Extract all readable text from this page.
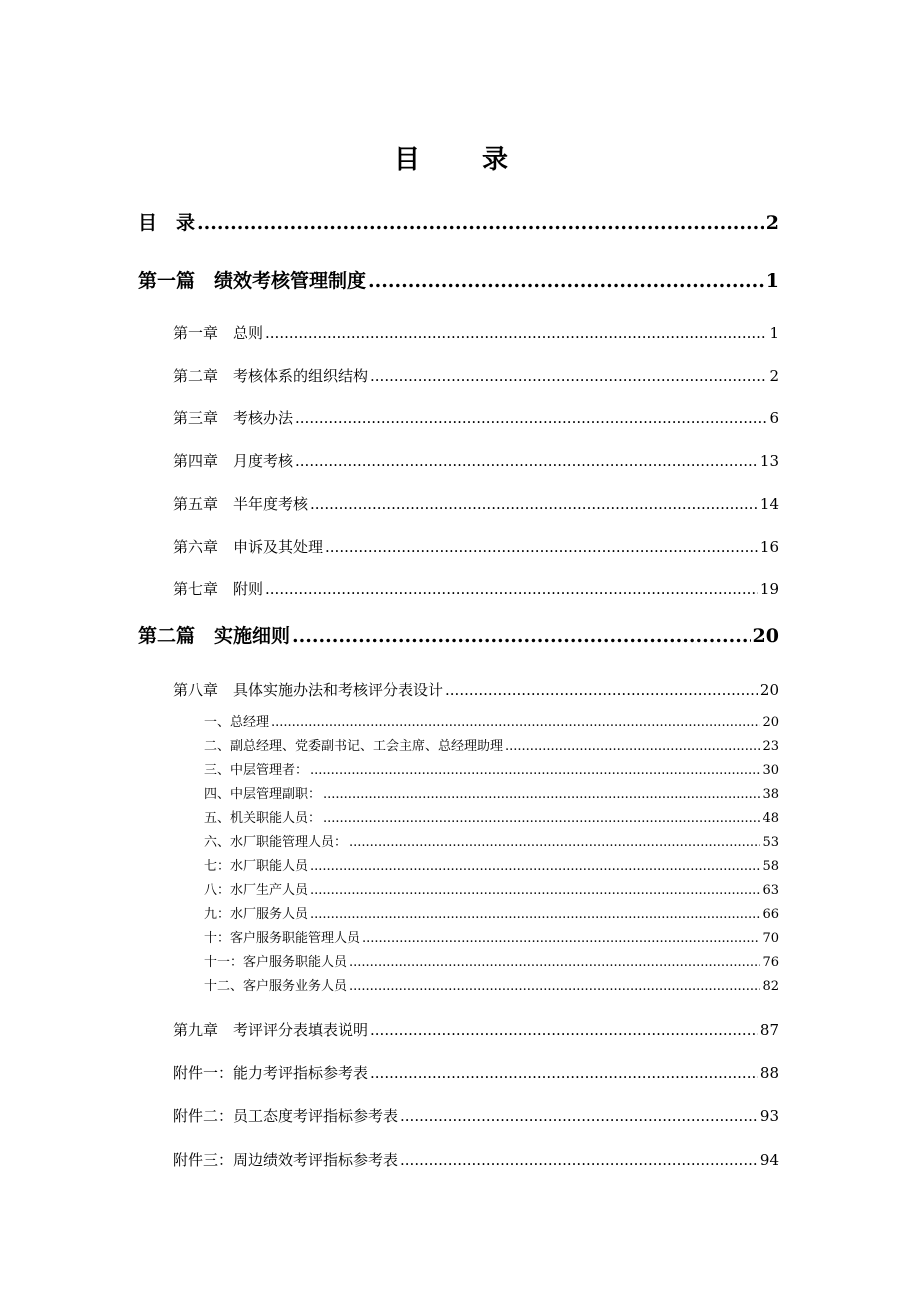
目　录
目　录 .....	2
第一篇　绩效考核管理制度 .....	1
第一章　总则 .....	1
第二章　考核体系的组织结构 .....	2
第三章　考核办法 .....	6
第四章　月度考核 .....	13
第五章　半年度考核 .....	14
第六章　申诉及其处理 .....	16
第七章　附则 .....	19
第二篇　实施细则 .....	20
第八章　具体实施办法和考核评分表设计 .....	20
一、总经理 .....	20
二、副总经理、党委副书记、工会主席、总经理助理 .....	23
三、中层管理者： .....	30
四、中层管理副职： .....	38
五、机关职能人员： .....	48
六、水厂职能管理人员： .....	53
七：水厂职能人员 .....	58
八：水厂生产人员 .....	63
九：水厂服务人员 .....	66
十：客户服务职能管理人员 .....	70
十一：客户服务职能人员 .....	76
十二、客户服务业务人员 .....	82
第九章　考评评分表填表说明 .....	87
附件一：能力考评指标参考表 .....	88
附件二：员工态度考评指标参考表 .....	93
附件三：周边绩效考评指标参考表 .....	94
